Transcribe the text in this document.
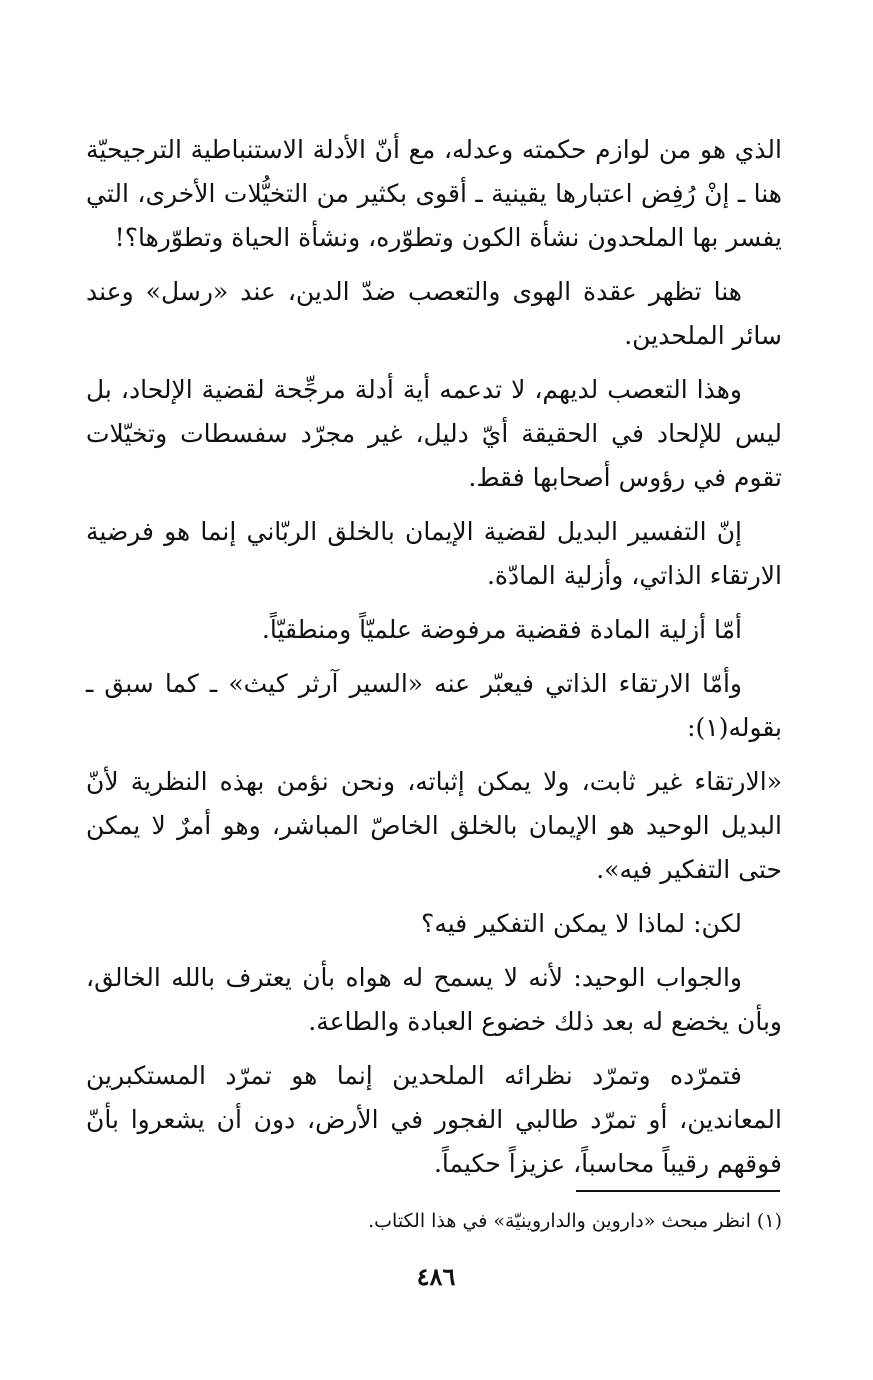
الذي هو من لوازم حكمته وعدله، مع أنّ الأدلة الاستنباطية الترجيحيّة هنا ـ إنْ رُفِض اعتبارها يقينية ـ أقوى بكثير من التخيُّلات الأخرى، التي يفسر بها الملحدون نشأة الكون وتطوّره، ونشأة الحياة وتطوّرها؟!

هنا تظهر عقدة الهوى والتعصب ضدّ الدين، عند «رسل» وعند سائر الملحدين.

وهذا التعصب لديهم، لا تدعمه أية أدلة مرجِّحة لقضية الإلحاد، بل ليس للإلحاد في الحقيقة أيّ دليل، غير مجرّد سفسطات وتخيّلات تقوم في رؤوس أصحابها فقط.

إنّ التفسير البديل لقضية الإيمان بالخلق الربّاني إنما هو فرضية الارتقاء الذاتي، وأزلية المادّة.

أمّا أزلية المادة فقضية مرفوضة علميّاً ومنطقيّاً.

وأمّا الارتقاء الذاتي فيعبّر عنه «السير آرثر كيث» ـ كما سبق ـ بقوله(١):

«الارتقاء غير ثابت، ولا يمكن إثباته، ونحن نؤمن بهذه النظرية لأنّ البديل الوحيد هو الإيمان بالخلق الخاصّ المباشر، وهو أمرٌ لا يمكن حتى التفكير فيه».

لكن: لماذا لا يمكن التفكير فيه؟

والجواب الوحيد: لأنه لا يسمح له هواه بأن يعترف بالله الخالق، وبأن يخضع له بعد ذلك خضوع العبادة والطاعة.

فتمرّده وتمرّد نظرائه الملحدين إنما هو تمرّد المستكبرين المعاندين، أو تمرّد طالبي الفجور في الأرض، دون أن يشعروا بأنّ فوقهم رقيباً محاسباً، عزيزاً حكيماً.

(١) انظر مبحث «داروين والداروينيّة» في هذا الكتاب.
٤٨٦
